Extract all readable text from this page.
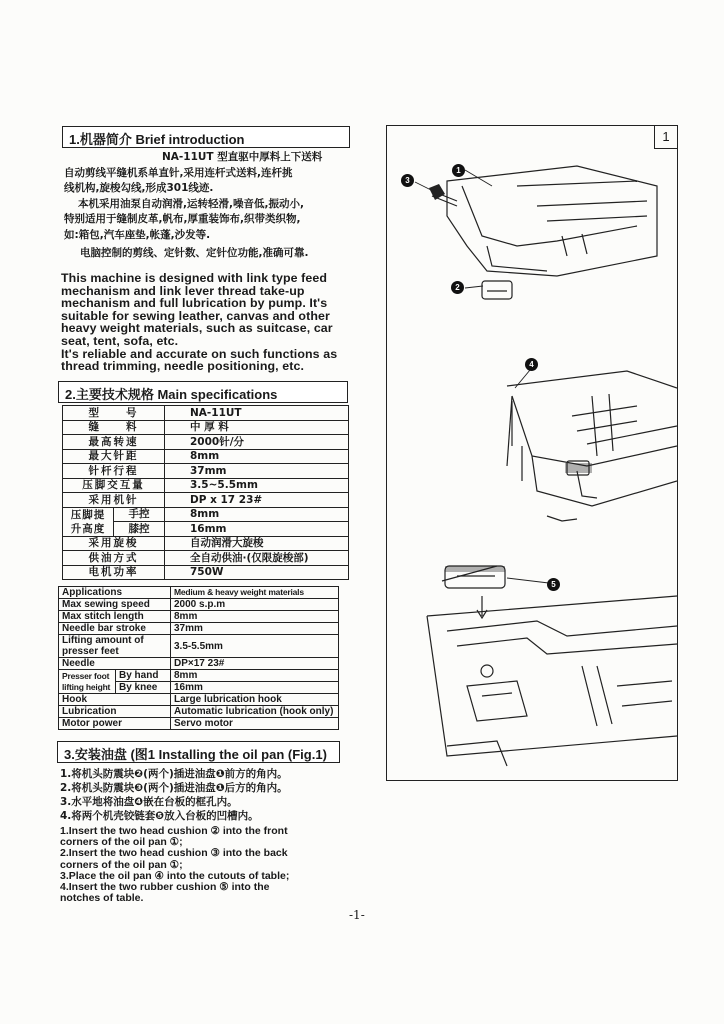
1.机器简介 Brief introduction
NA-11UT 型直驱中厚料上下送料
自动剪线平缝机系单直针,采用连杆式送料,连杆挑
线机构,旋梭勾线,形成301线迹.
本机采用油泵自动润滑,运转轻滑,噪音低,振动小,
特别适用于缝制皮革,帆布,厚重装饰布,织带类织物,
如:箱包,汽车座垫,帐蓬,沙发等.
电脑控制的剪线、定针数、定针位功能,准确可靠.
This machine is designed with link type feed
mechanism and link lever thread take-up
mechanism and full lubrication by pump. It's
suitable for sewing leather, canvas and other
heavy weight materials, such as suitcase, car
seat, tent, sofa, etc.
It's reliable and accurate on such functions as
thread trimming, needle positioning, etc.
2.主要技术规格 Main specifications
型　　号		NA-11UT
缝　　料		中 厚 料
最高转速		2000针/分
最大针距		8mm
针杆行程		37mm
压脚交互量		3.5~5.5mm
采用机针		DP x 17 23#
压脚提
升高度	手控	8mm
	膝控	16mm
采用旋梭		自动润滑大旋梭
供油方式		全自动供油·(仅限旋梭部)
电机功率		750W
Applications		Medium & heavy weight materials
Max sewing speed		2000 s.p.m
Max stitch length		8mm
Needle bar stroke		37mm
Lifting amount of presser feet		3.5-5.5mm
Needle		DP×17 23#
Presser foot
lifting height	By hand	8mm
	By knee	16mm
Hook		Large lubrication hook
Lubrication		Automatic lubrication (hook only)
Motor power		Servo motor
3.安装油盘 (图1 Installing the oil pan (Fig.1)
1.将机头防震块❷(两个)插进油盘❶前方的角内。
2.将机头防震块❸(两个)插进油盘❶后方的角内。
3.水平地将油盘❹嵌在台板的框孔内。
4.将两个机壳铰链套❺放入台板的凹槽内。
1.Insert the two head cushion ② into the front
corners of the oil pan ①;
2.Insert the two head cushion ③ into the back
corners of the oil pan ①;
3.Place the oil pan ④ into the cutouts of table;
4.Insert the two rubber cushion ⑤ into the
notches of table.
1
1
3
2
4
5
-1-
